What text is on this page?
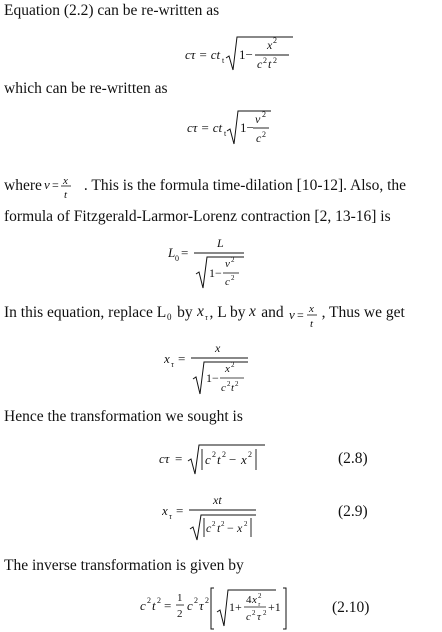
Equation (2.2) can be re-written as
cτ = ct t 1−
x 2
c 2 t 2
which can be re-written as
cτ = ct t 1−
v 2
c 2
where v = x
t
. This is the formula time-dilation [10-12]. Also, the
formula of Fitzgerald-Larmor-Lorenz contraction [2, 13-16] is
L 0 =
L
1−
v 2
c 2
In this equation, replace L 0 by x τ , L by x and v = x
t
, Thus we get
x τ =
x
1−
x 2
c 2 t 2
Hence the transformation we sought is
cτ = c 2 t 2 − x 2	(2.8)
x τ =
xt
c 2 t 2 − x 2
(2.9)
The inverse transformation is given by
c 2 t 2 = 1
2
c 2 τ 2 1+ 4 x 2
τ
c 2 τ 2 +1	(2.10)
